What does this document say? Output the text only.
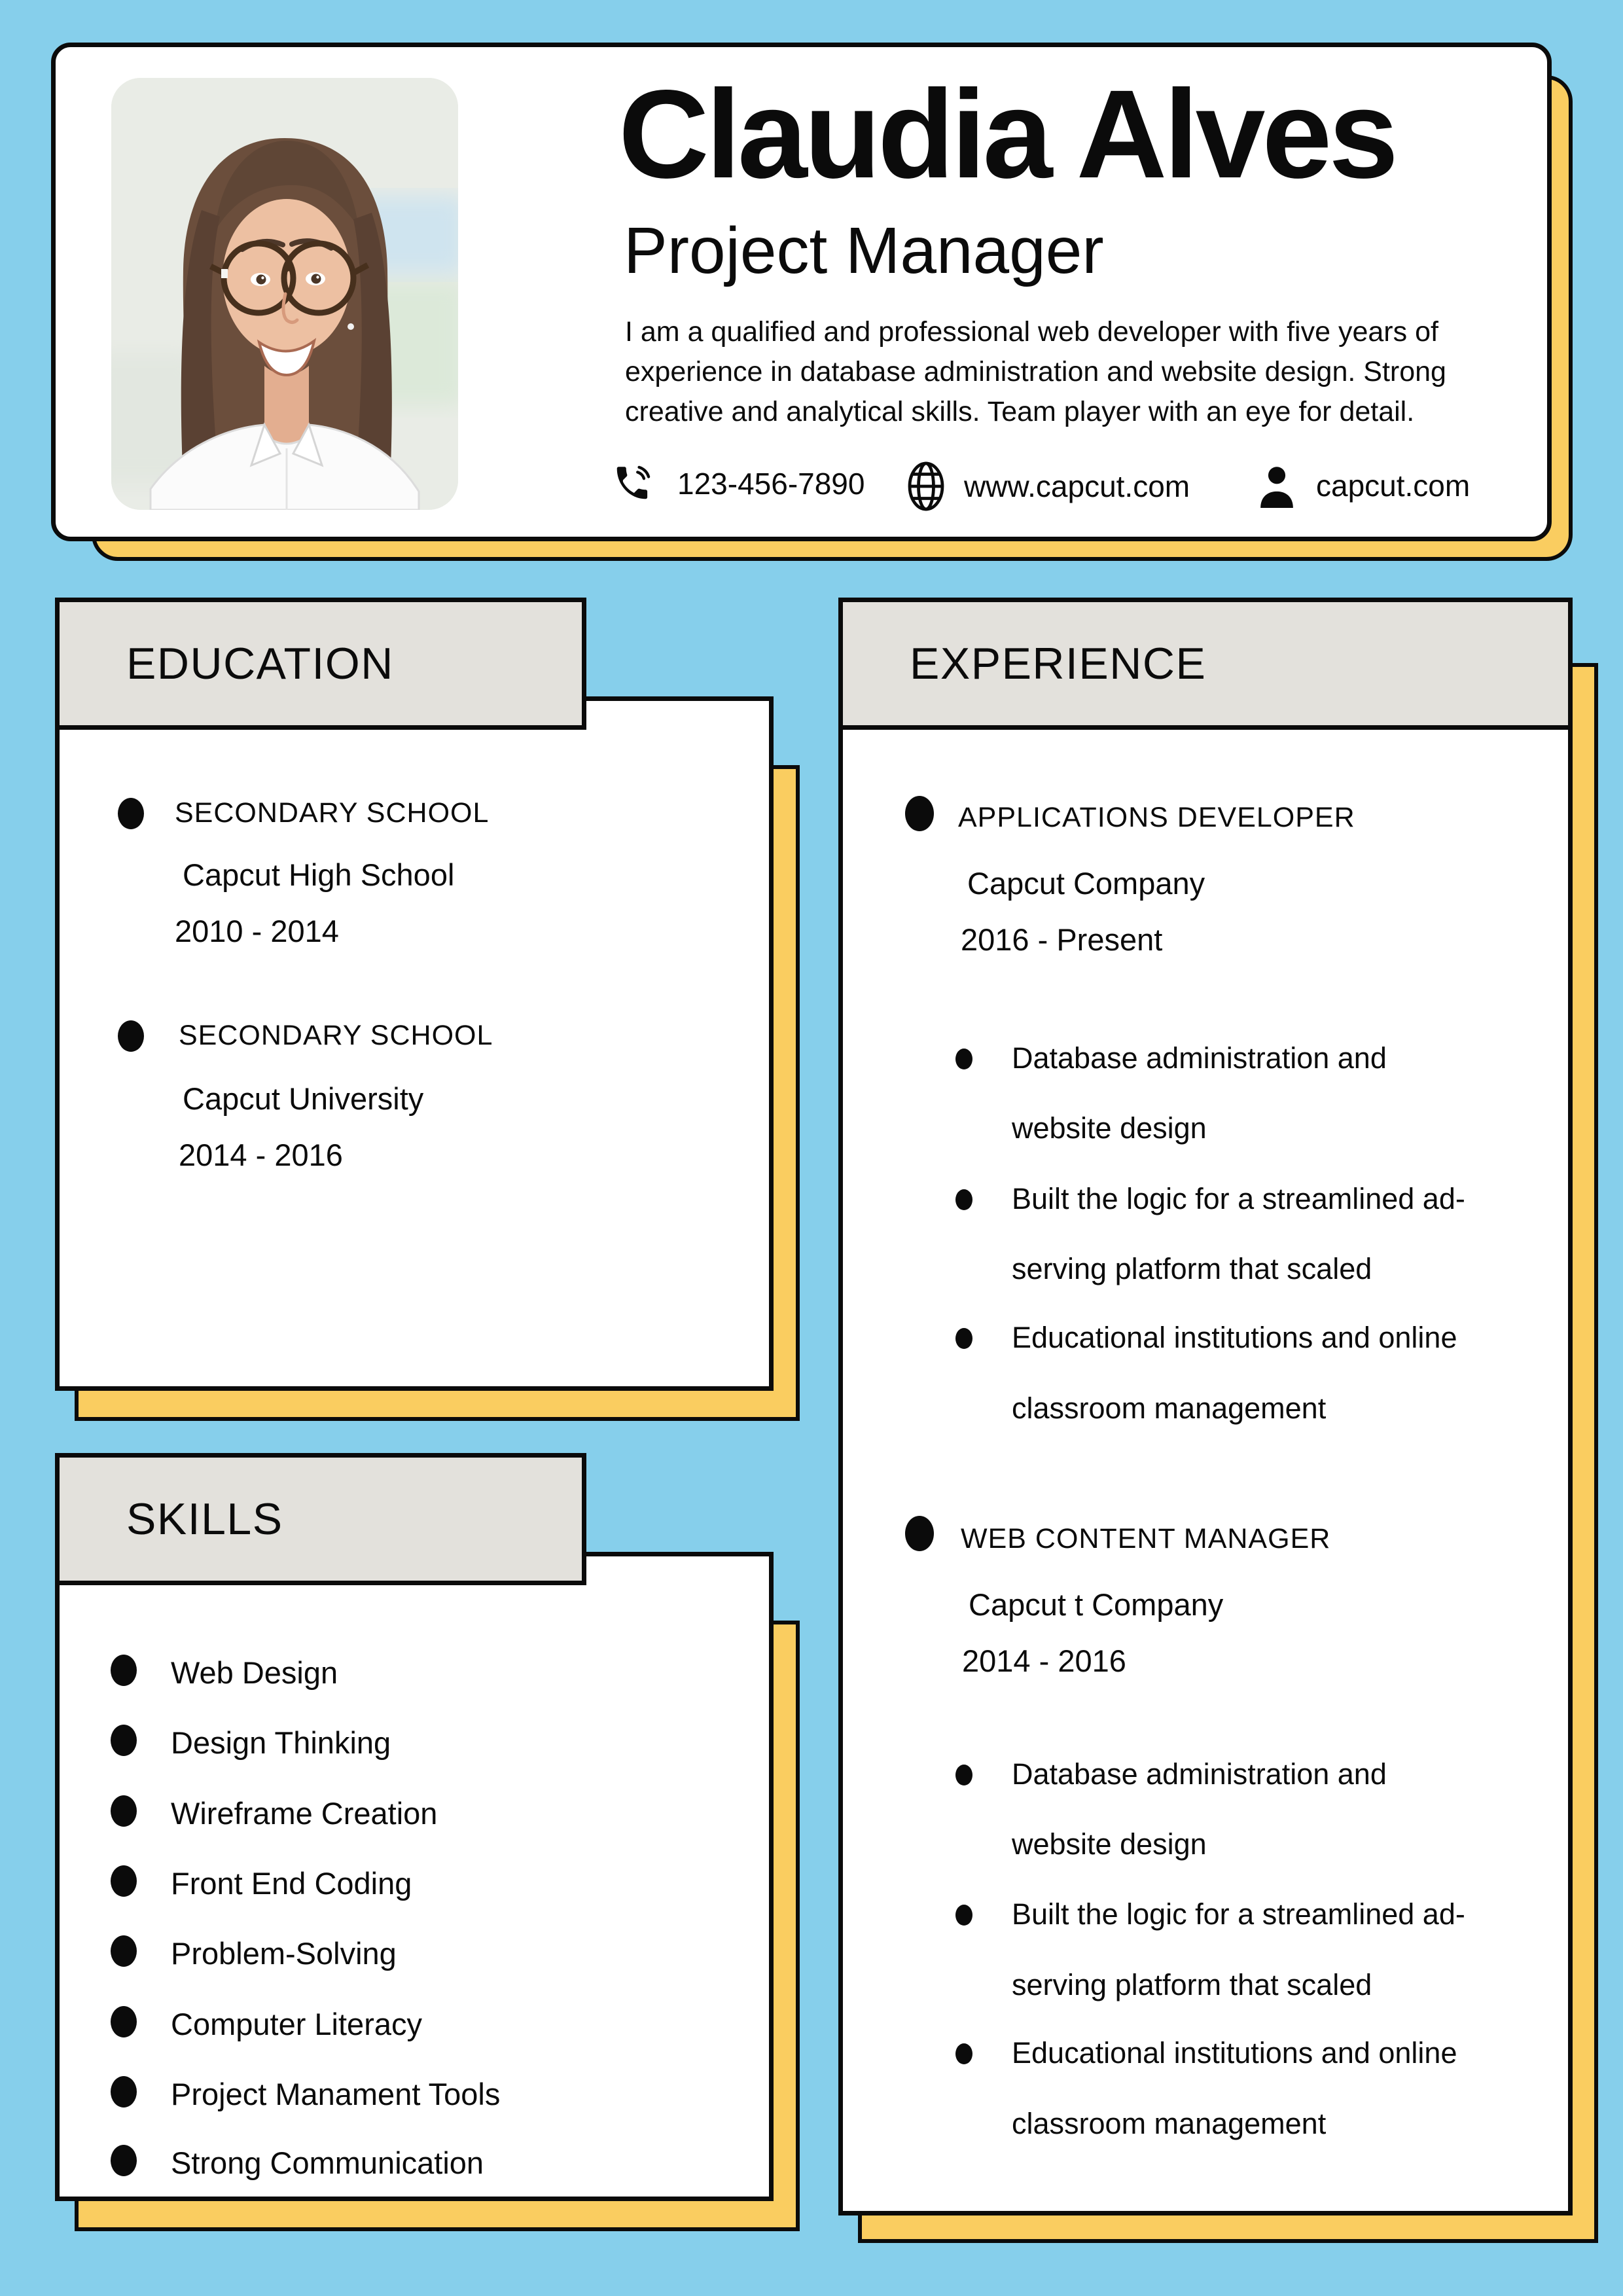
Claudia Alves
Project Manager

I am a qualified and professional web developer with five years of experience in database administration and website design. Strong creative and analytical skills. Team player with an eye for detail.

123-456-7890	www.capcut.com	capcut.com
SECONDARY SCHOOL
Capcut High School
2010 - 2014
SECONDARY SCHOOL
Capcut University
2014 - 2016
EDUCATION
Web Design
Design Thinking
Wireframe Creation
Front End Coding
Problem-Solving
Computer Literacy
Project Manament Tools
Strong Communication
SKILLS
APPLICATIONS DEVELOPER
Capcut Company
2016 - Present
Database administration and
website design
Built the logic for a streamlined ad-
serving platform that scaled
Educational institutions and online
classroom management
WEB CONTENT MANAGER
Capcut t Company
2014 - 2016
Database administration and
website design
Built the logic for a streamlined ad-
serving platform that scaled
Educational institutions and online
classroom management
EXPERIENCE
